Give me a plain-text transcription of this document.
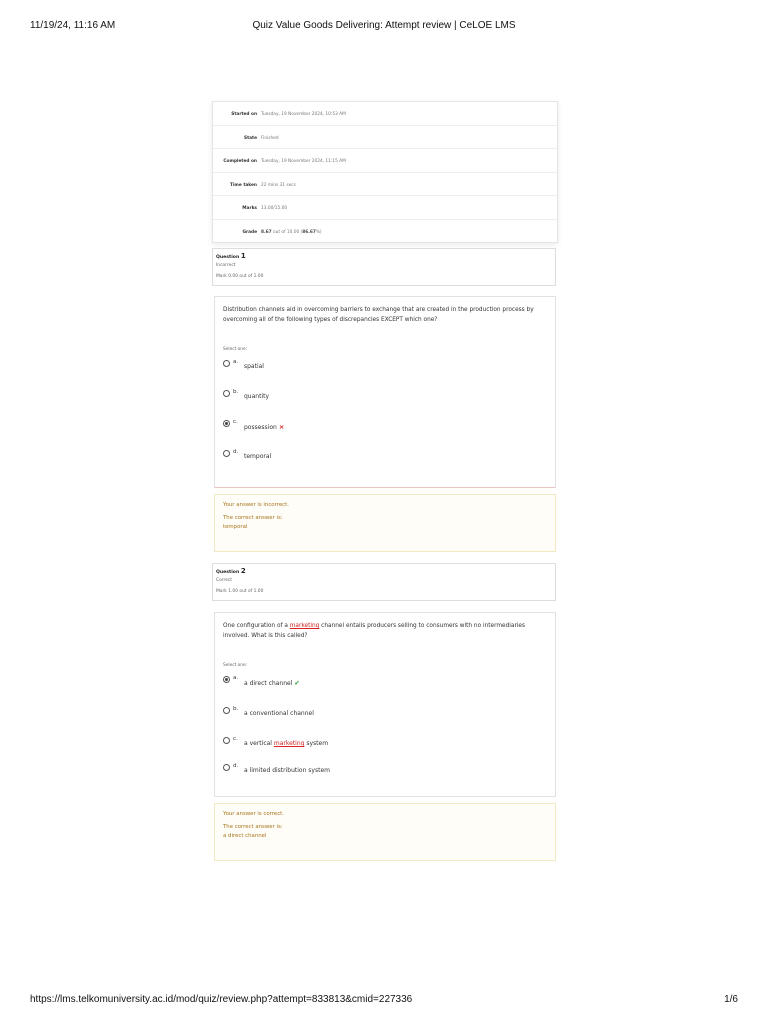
11/19/24, 11:16 AM	Quiz Value Goods Delivering: Attempt review | CeLOE LMS
Started on Tuesday, 19 November 2024, 10:53 AM
State Finished
Completed on Tuesday, 19 November 2024, 11:15 AM
Time taken 22 mins 31 secs
Marks 13.00/15.00
Grade 8.67 out of 10.00 (86.67%)
Question 1
Incorrect
Mark 0.00 out of 1.00
Distribution channels aid in overcoming barriers to exchange that are created in the production process by overcoming all of the following types of discrepancies EXCEPT which one?
Select one:
a.
spatial
b.
quantity
c.
possession ×
d.
temporal
Your answer is incorrect.
The correct answer is:
temporal
Question 2
Correct
Mark 1.00 out of 1.00
One configuration of a marketing channel entails producers selling to consumers with no intermediaries involved. What is this called?
Select one:
a.
a direct channel ✔
b.
a conventional channel
c.
a vertical marketing system
d.
a limited distribution system
Your answer is correct.
The correct answer is:
a direct channel
https://lms.telkomuniversity.ac.id/mod/quiz/review.php?attempt=833813&cmid=227336	1/6
